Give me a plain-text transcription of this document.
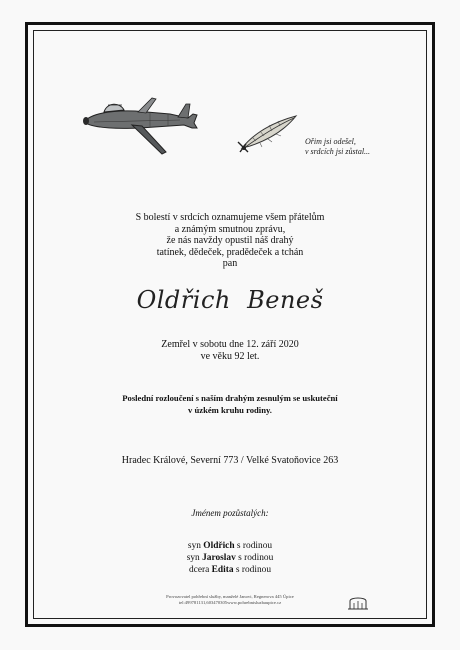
Ořim jsi odešel,
v srdcích jsi zůstal...
S bolestí v srdcích oznamujeme všem přátelům
a známým smutnou zprávu,
že nás navždy opustil náš drahý
tatínek, dědeček, pradědeček a tchán
pan
Oldřich  Beneš
Zemřel v sobotu dne 12. září 2020
ve věku 92 let.
Poslední rozloučení s naším drahým zesnulým se uskuteční
v úzkém kruhu rodiny.
Hradec Králové, Severní 773 / Velké Svatoňovice 263
Jménem pozůstalých:
syn Oldřich s rodinou
syn Jaroslav s rodinou
dcera Edita s rodinou
Provozovatel pohřební služby, manželé Janovi, Regnerova 445 Úpice
tel:499781131,603470305www.pohrebnisluzbaupice.cz
